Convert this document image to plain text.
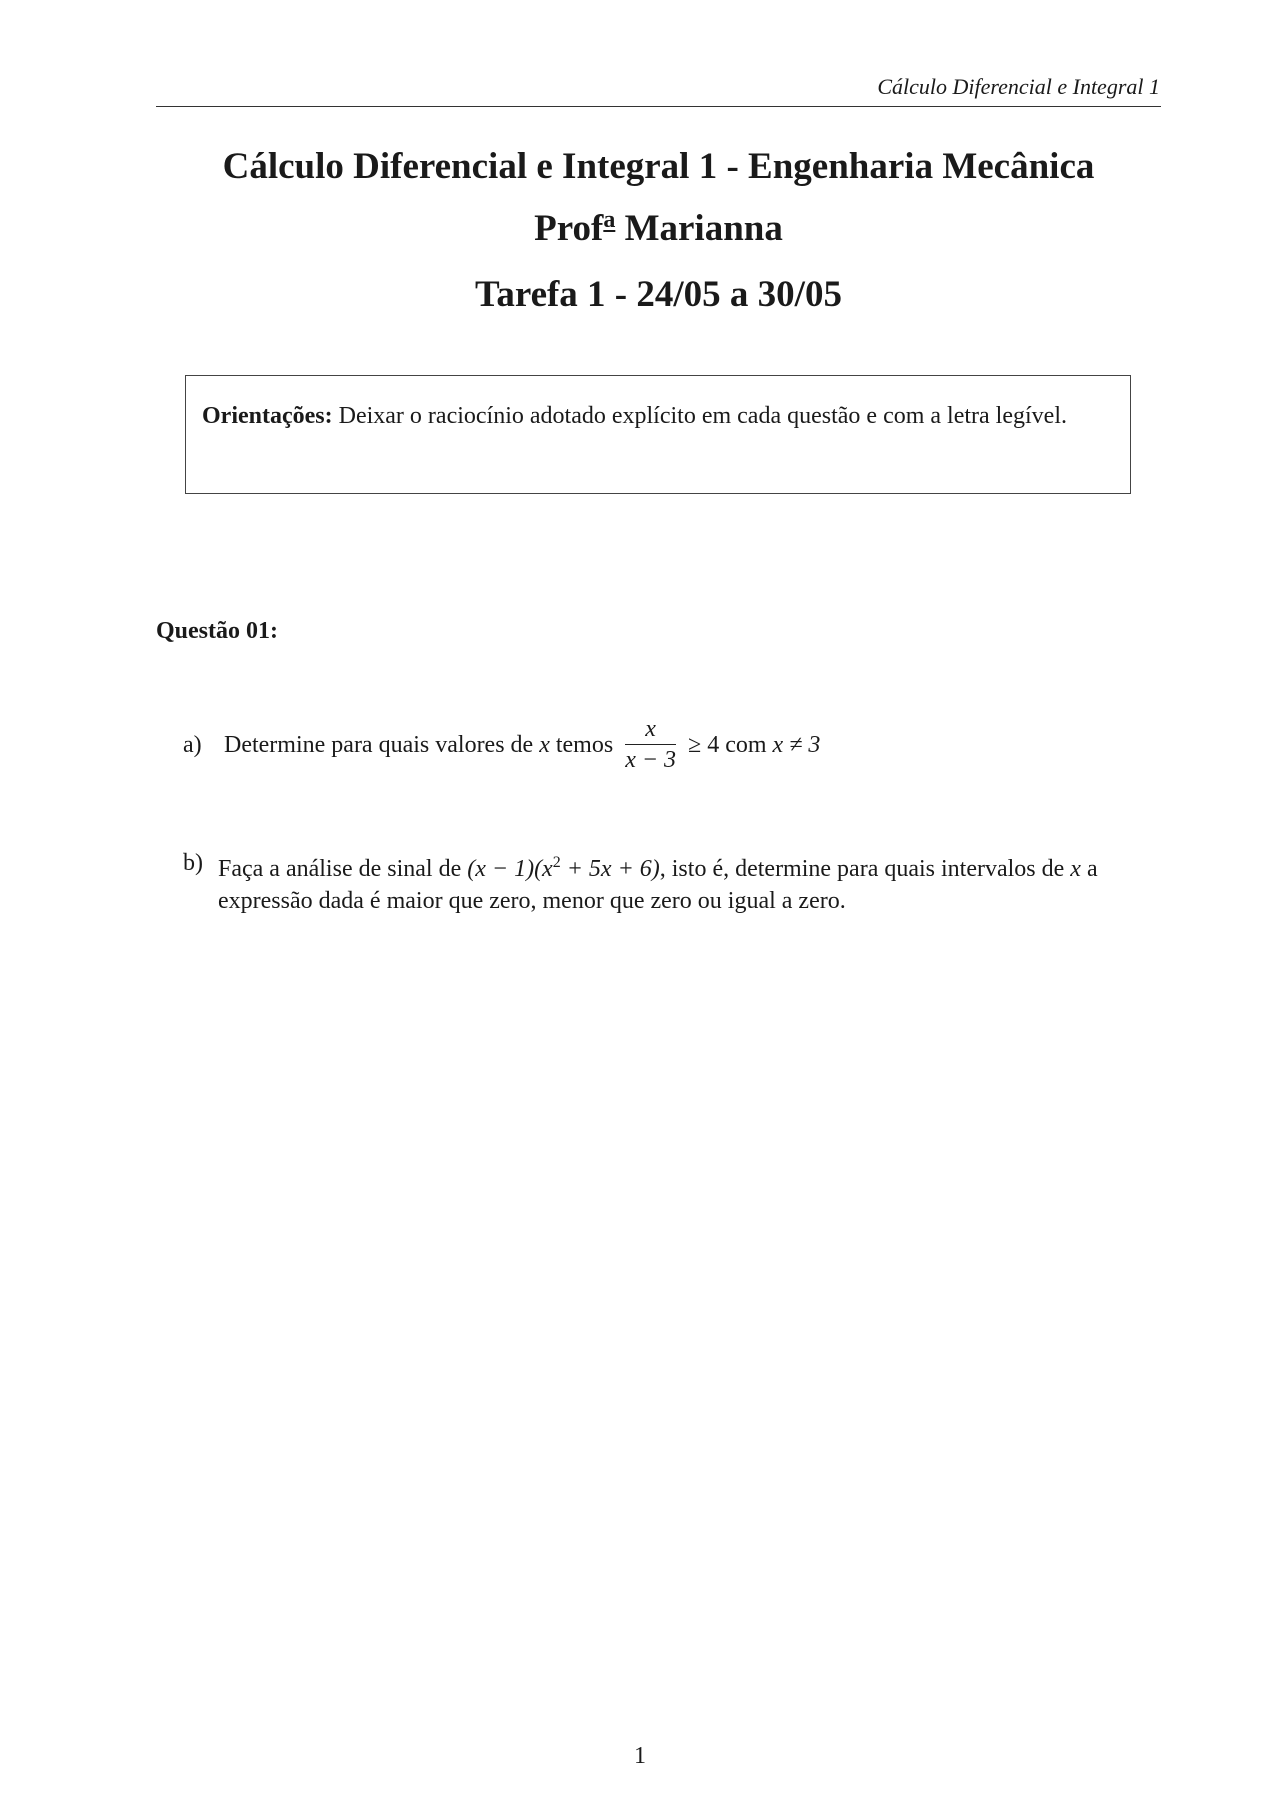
Cálculo Diferencial e Integral 1
Cálculo Diferencial e Integral 1 - Engenharia Mecânica
Prof$^a$ Marianna
Tarefa 1 - 24/05 a 30/05
Orientações: Deixar o raciocínio adotado explícito em cada questão e com a letra legível.
Questão 01:
a) Determine para quais valores de x temos $\frac{x}{x - 3} \ge 4$ com x ≠ 3
b) Faça a análise de sinal de $(x - 1)(x^2 + 5x + 6)$, isto é, determine para quais intervalos de x a expressão dada é maior que zero, menor que zero ou igual a zero.
1
